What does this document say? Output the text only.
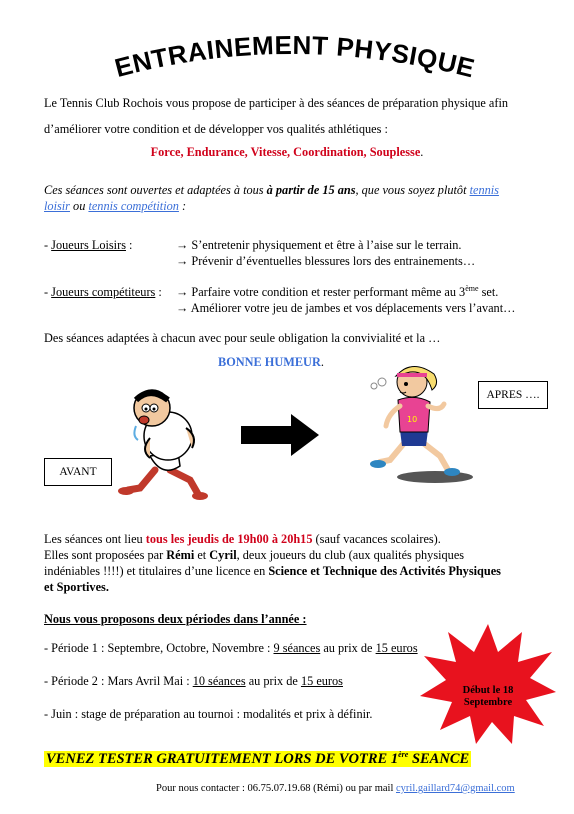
ENTRAINEMENT PHYSIQUE
Le Tennis Club Rochois vous propose de participer à des séances de préparation physique afin
d’améliorer votre condition et de développer vos qualités athlétiques :
Force, Endurance, Vitesse, Coordination, Souplesse.
Ces séances sont ouvertes et adaptées à tous à partir de 15 ans, que vous soyez plutôt tennis
loisir ou tennis compétition :
- Joueurs Loisirs :	→ S’entretenir physiquement et être à l’aise sur le terrain.
→ Prévenir d’éventuelles blessures lors des entrainements…
- Joueurs compétiteurs : → Parfaire votre condition et rester performant même au 3ème set.
→ Améliorer votre jeu de jambes et vos déplacements vers l’avant…
Des séances adaptées à chacun avec pour seule obligation la convivialité et la …
BONNE HUMEUR.
10
AVANT
APRES ….
Les séances ont lieu tous les jeudis de 19h00 à 20h15 (sauf vacances scolaires).
Elles sont proposées par Rémi et Cyril, deux joueurs du club (aux qualités physiques
indéniables !!!!) et titulaires d’une licence en Science et Technique des Activités Physiques
et Sportives.
Nous vous proposons deux périodes dans l’année :
- Période 1 : Septembre, Octobre, Novembre : 9 séances au prix de 15 euros
- Période 2 : Mars Avril Mai : 10 séances au prix de 15 euros
- Juin : stage de préparation au tournoi : modalités et prix à définir.
Début le 18
Septembre
VENEZ TESTER GRATUITEMENT LORS DE VOTRE 1ère SEANCE
Pour nous contacter : 06.75.07.19.68 (Rémi) ou par mail cyril.gaillard74@gmail.com
